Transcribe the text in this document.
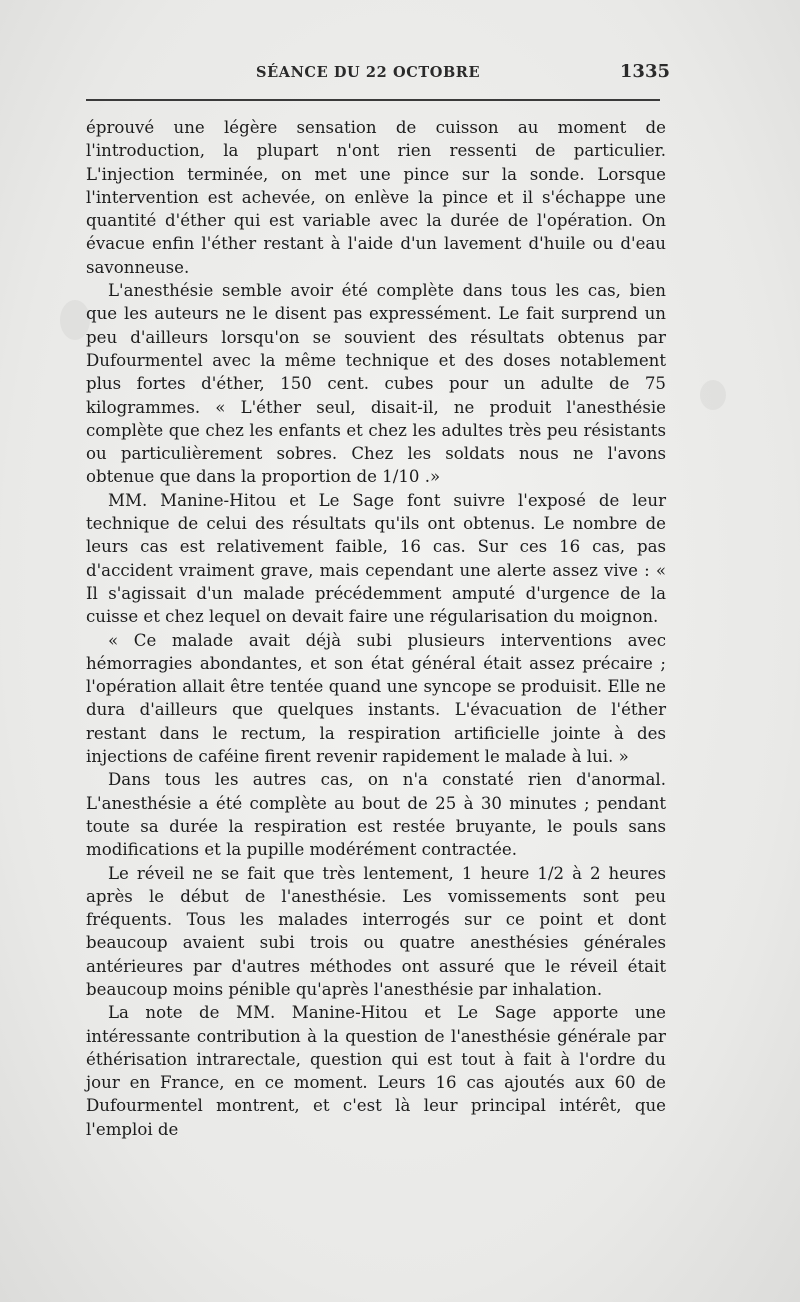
SÉANCE DU 22 OCTOBRE	1335

éprouvé une légère sensation de cuisson au moment de l'introduction, la plupart n'ont rien ressenti de particulier. L'injection terminée, on met une pince sur la sonde. Lorsque l'intervention est achevée, on enlève la pince et il s'échappe une quantité d'éther qui est variable avec la durée de l'opération. On évacue enfin l'éther restant à l'aide d'un lavement d'huile ou d'eau savonneuse.

L'anesthésie semble avoir été complète dans tous les cas, bien que les auteurs ne le disent pas expressément. Le fait surprend un peu d'ailleurs lorsqu'on se souvient des résultats obtenus par Dufourmentel avec la même technique et des doses notablement plus fortes d'éther, 150 cent. cubes pour un adulte de 75 kilogrammes. « L'éther seul, disait-il, ne produit l'anesthésie complète que chez les enfants et chez les adultes très peu résistants ou particulièrement sobres. Chez les soldats nous ne l'avons obtenue que dans la proportion de 1/10 .»

MM. Manine-Hitou et Le Sage font suivre l'exposé de leur technique de celui des résultats qu'ils ont obtenus. Le nombre de leurs cas est relativement faible, 16 cas. Sur ces 16 cas, pas d'accident vraiment grave, mais cependant une alerte assez vive : « Il s'agissait d'un malade précédemment amputé d'urgence de la cuisse et chez lequel on devait faire une régularisation du moignon.

« Ce malade avait déjà subi plusieurs interventions avec hémorragies abondantes, et son état général était assez précaire ; l'opération allait être tentée quand une syncope se produisit. Elle ne dura d'ailleurs que quelques instants. L'évacuation de l'éther restant dans le rectum, la respiration artificielle jointe à des injections de caféine firent revenir rapidement le malade à lui. »

Dans tous les autres cas, on n'a constaté rien d'anormal. L'anesthésie a été complète au bout de 25 à 30 minutes ; pendant toute sa durée la respiration est restée bruyante, le pouls sans modifications et la pupille modérément contractée.

Le réveil ne se fait que très lentement, 1 heure 1/2 à 2 heures après le début de l'anesthésie. Les vomissements sont peu fréquents. Tous les malades interrogés sur ce point et dont beaucoup avaient subi trois ou quatre anesthésies générales antérieures par d'autres méthodes ont assuré que le réveil était beaucoup moins pénible qu'après l'anesthésie par inhalation.

La note de MM. Manine-Hitou et Le Sage apporte une intéressante contribution à la question de l'anesthésie générale par éthérisation intrarectale, question qui est tout à fait à l'ordre du jour en France, en ce moment. Leurs 16 cas ajoutés aux 60 de Dufourmentel montrent, et c'est là leur principal intérêt, que l'emploi de
